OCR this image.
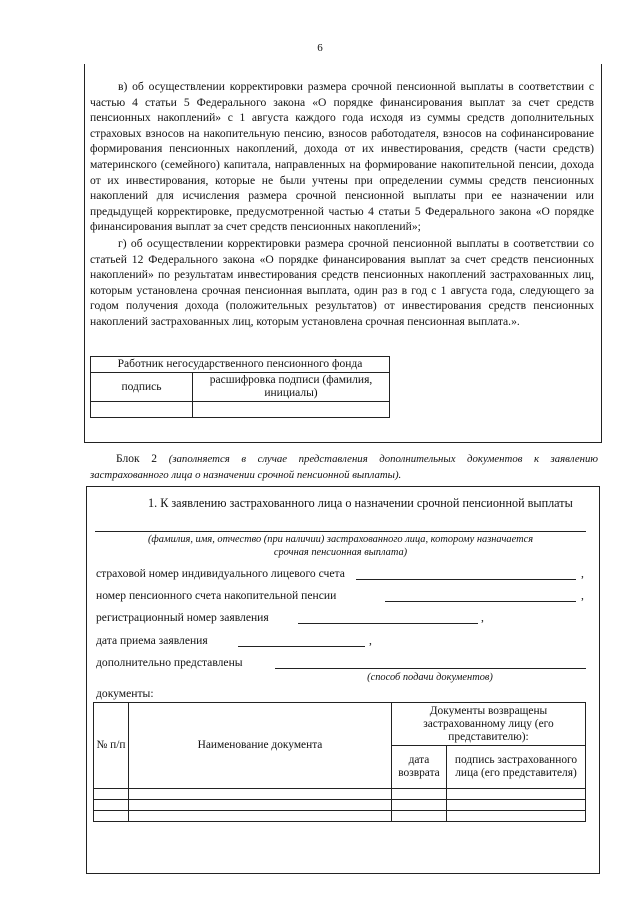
6

в) об осуществлении корректировки размера срочной пенсионной выплаты в соответствии с частью 4 статьи 5 Федерального закона «О порядке финансирования выплат за счет средств пенсионных накоплений» с 1 августа каждого года исходя из суммы средств дополнительных страховых взносов на накопительную пенсию, взносов работодателя, взносов на софинансирование формирования пенсионных накоплений, дохода от их инвестирования, средств (части средств) материнского (семейного) капитала, направленных на формирование накопительной пенсии, дохода от их инвестирования, которые не были учтены при определении суммы средств пенсионных накоплений для исчисления размера срочной пенсионной выплаты при ее назначении или предыдущей корректировке, предусмотренной частью 4 статьи 5 Федерального закона «О порядке финансирования выплат за счет средств пенсионных накоплений»;

г) об осуществлении корректировки размера срочной пенсионной выплаты в соответствии со статьей 12 Федерального закона «О порядке финансирования выплат за счет средств пенсионных накоплений» по результатам инвестирования средств пенсионных накоплений застрахованных лиц, которым установлена срочная пенсионная выплата, один раз в год с 1 августа года, следующего за годом получения дохода (положительных результатов) от инвестирования средств пенсионных накоплений застрахованных лиц, которым установлена срочная пенсионная выплата.».

Работник негосударственного пенсионного фонда	
подпись	расшифровка подписи (фамилия, инициалы)

Блок 2 (заполняется в случае представления дополнительных документов к заявлению застрахованного лица о назначении срочной пенсионной выплаты).

1. К заявлению застрахованного лица о назначении срочной пенсионной выплаты
(фамилия, имя, отчество (при наличии) застрахованного лица, которому назначается
срочная пенсионная выплата)
страховой номер индивидуального лицевого счета	,
номер пенсионного счета накопительной пенсии	,
регистрационный номер заявления	,
дата приема заявления	,
дополнительно представлены
(способ подачи документов)
документы:
№ п/п	Наименование документа	Документы возвращены застрахованному лицу (его представителю):	
		дата возврата	подпись застрахованного лица (его представителя)
